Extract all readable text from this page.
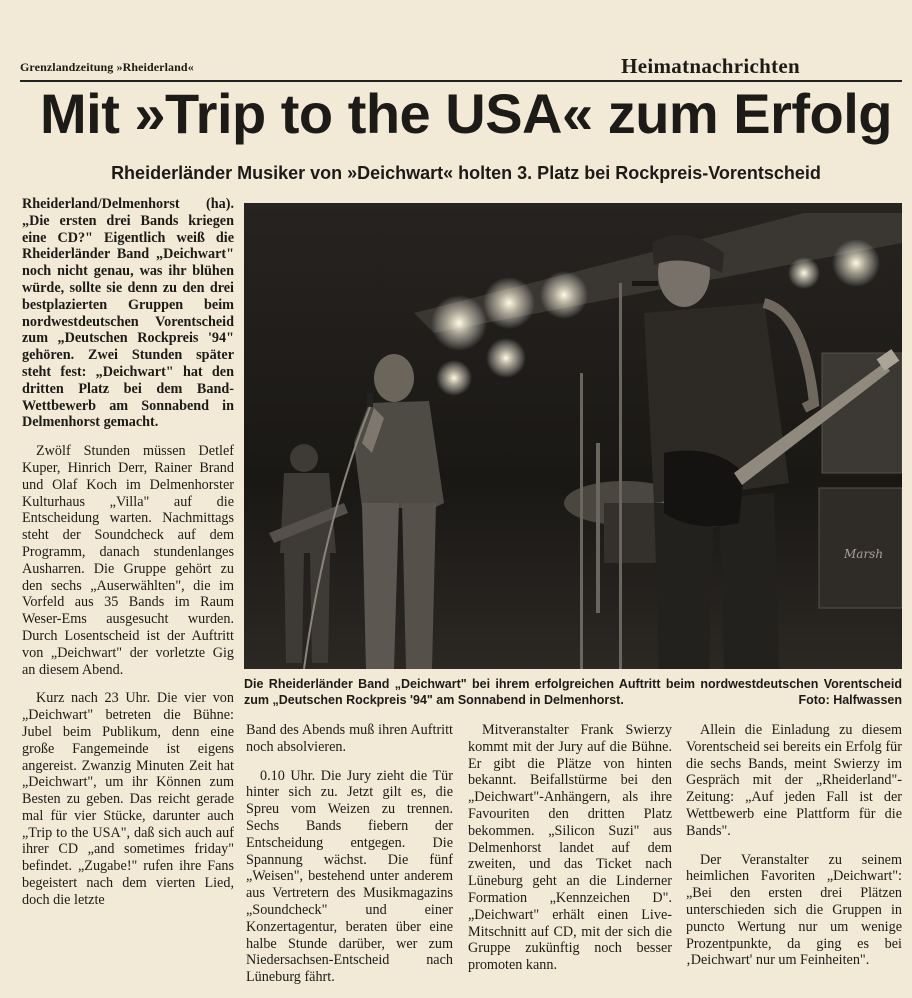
Grenzlandzeitung »Rheiderland«	Heimatnachrichten
Mit »Trip to the USA« zum Erfolg
Rheiderländer Musiker von »Deichwart« holten 3. Platz bei Rockpreis-Vorentscheid

Rheiderland/Delmenhorst (ha). „Die ersten drei Bands kriegen eine CD?" Eigentlich weiß die Rheiderländer Band „Deichwart" noch nicht genau, was ihr blühen würde, sollte sie denn zu den drei bestplazierten Gruppen beim nordwestdeutschen Vorentscheid zum „Deutschen Rockpreis '94" gehören. Zwei Stunden später steht fest: „Deichwart" hat den dritten Platz bei dem Band-Wettbewerb am Sonnabend in Delmenhorst gemacht.

Zwölf Stunden müssen Detlef Kuper, Hinrich Derr, Rainer Brand und Olaf Koch im Delmenhorster Kulturhaus „Villa" auf die Entscheidung warten. Nachmittags steht der Soundcheck auf dem Programm, danach stundenlanges Ausharren. Die Gruppe gehört zu den sechs „Auserwählten", die im Vorfeld aus 35 Bands im Raum Weser-Ems ausgesucht wurden. Durch Losentscheid ist der Auftritt von „Deichwart" der vorletzte Gig an diesem Abend.

Kurz nach 23 Uhr. Die vier von „Deichwart" betreten die Bühne: Jubel beim Publikum, denn eine große Fangemeinde ist eigens angereist. Zwanzig Minuten Zeit hat „Deichwart", um ihr Können zum Besten zu geben. Das reicht gerade mal für vier Stücke, darunter auch „Trip to the USA", daß sich auch auf ihrer CD „and sometimes friday" befindet. „Zugabe!" rufen ihre Fans begeistert nach dem vierten Lied, doch die letzte

Marsh
Die Rheiderländer Band „Deichwart" bei ihrem erfolgreichen Auftritt beim nordwestdeutschen Vorentscheid zum „Deutschen Rockpreis '94" am Sonnabend in Delmenhorst.	Foto: Halfwassen

Band des Abends muß ihren Auftritt noch absolvieren.

0.10 Uhr. Die Jury zieht die Tür hinter sich zu. Jetzt gilt es, die Spreu vom Weizen zu trennen. Sechs Bands fiebern der Entscheidung entgegen. Die Spannung wächst. Die fünf „Weisen", bestehend unter anderem aus Vertretern des Musikmagazins „Soundcheck" und einer Konzertagentur, beraten über eine halbe Stunde darüber, wer zum Niedersachsen-Entscheid nach Lüneburg fährt.

Mitveranstalter Frank Swierzy kommt mit der Jury auf die Bühne. Er gibt die Plätze von hinten bekannt. Beifallstürme bei den „Deichwart"-Anhängern, als ihre Favouriten den dritten Platz bekommen. „Silicon Suzi" aus Delmenhorst landet auf dem zweiten, und das Ticket nach Lüneburg geht an die Linderner Formation „Kennzeichen D". „Deichwart" erhält einen Live-Mitschnitt auf CD, mit der sich die Gruppe zukünftig noch besser promoten kann.

Allein die Einladung zu diesem Vorentscheid sei bereits ein Erfolg für die sechs Bands, meint Swierzy im Gespräch mit der „Rheiderland"-Zeitung: „Auf jeden Fall ist der Wettbewerb eine Plattform für die Bands".

Der Veranstalter zu seinem heimlichen Favoriten „Deichwart": „Bei den ersten drei Plätzen unterschieden sich die Gruppen in puncto Wertung nur um wenige Prozentpunkte, da ging es bei ‚Deichwart' nur um Feinheiten".
